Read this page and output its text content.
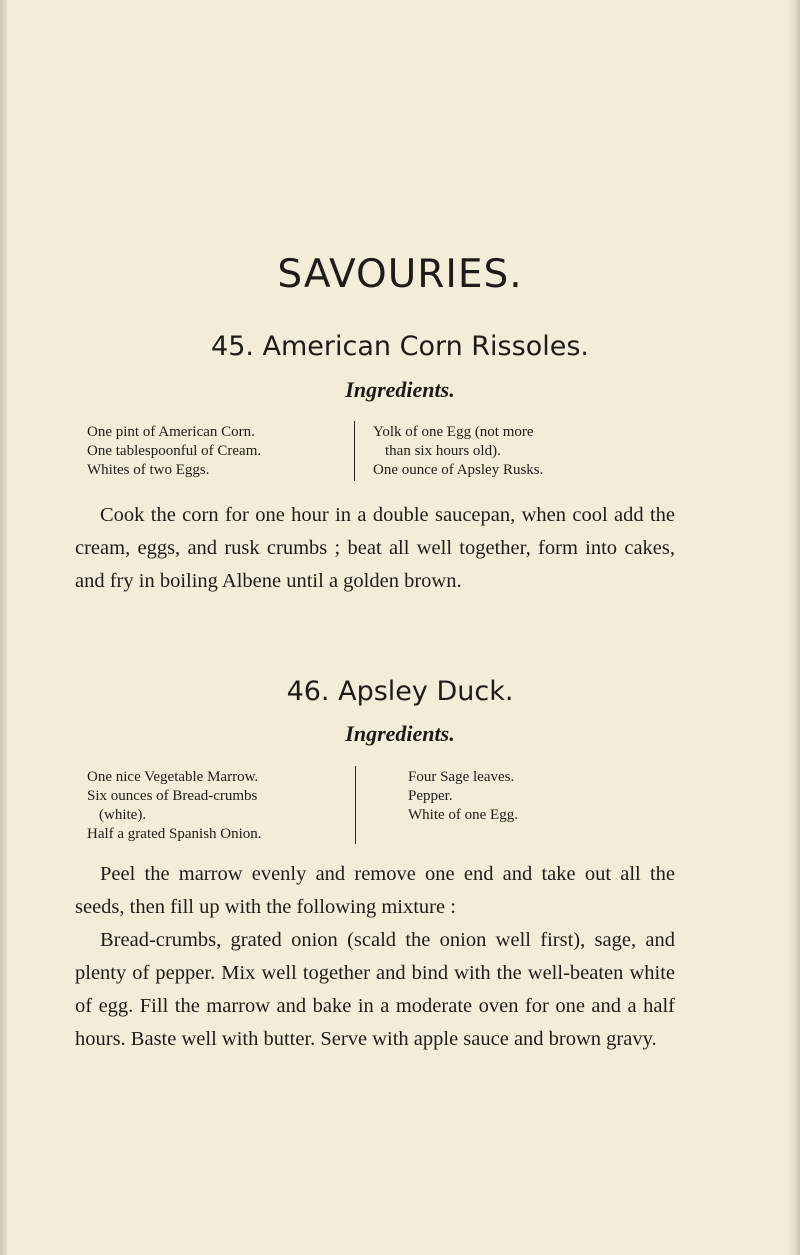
SAVOURIES.
45. American Corn Rissoles.
Ingredients.
One pint of American Corn.
One tablespoonful of Cream.
Whites of two Eggs.
Yolk of one Egg (not more
than six hours old).
One ounce of Apsley Rusks.

Cook the corn for one hour in a double saucepan, when cool add the cream, eggs, and rusk crumbs ; beat all well together, form into cakes, and fry in boiling Albene until a golden brown.

46. Apsley Duck.
Ingredients.
One nice Vegetable Marrow.
Six ounces of Bread-crumbs
(white).
Half a grated Spanish Onion.
Four Sage leaves.
Pepper.
White of one Egg.

Peel the marrow evenly and remove one end and take out all the seeds, then fill up with the following mixture :

Bread-crumbs, grated onion (scald the onion well first), sage, and plenty of pepper. Mix well together and bind with the well-beaten white of egg. Fill the marrow and bake in a moderate oven for one and a half hours. Baste well with butter. Serve with apple sauce and brown gravy.
